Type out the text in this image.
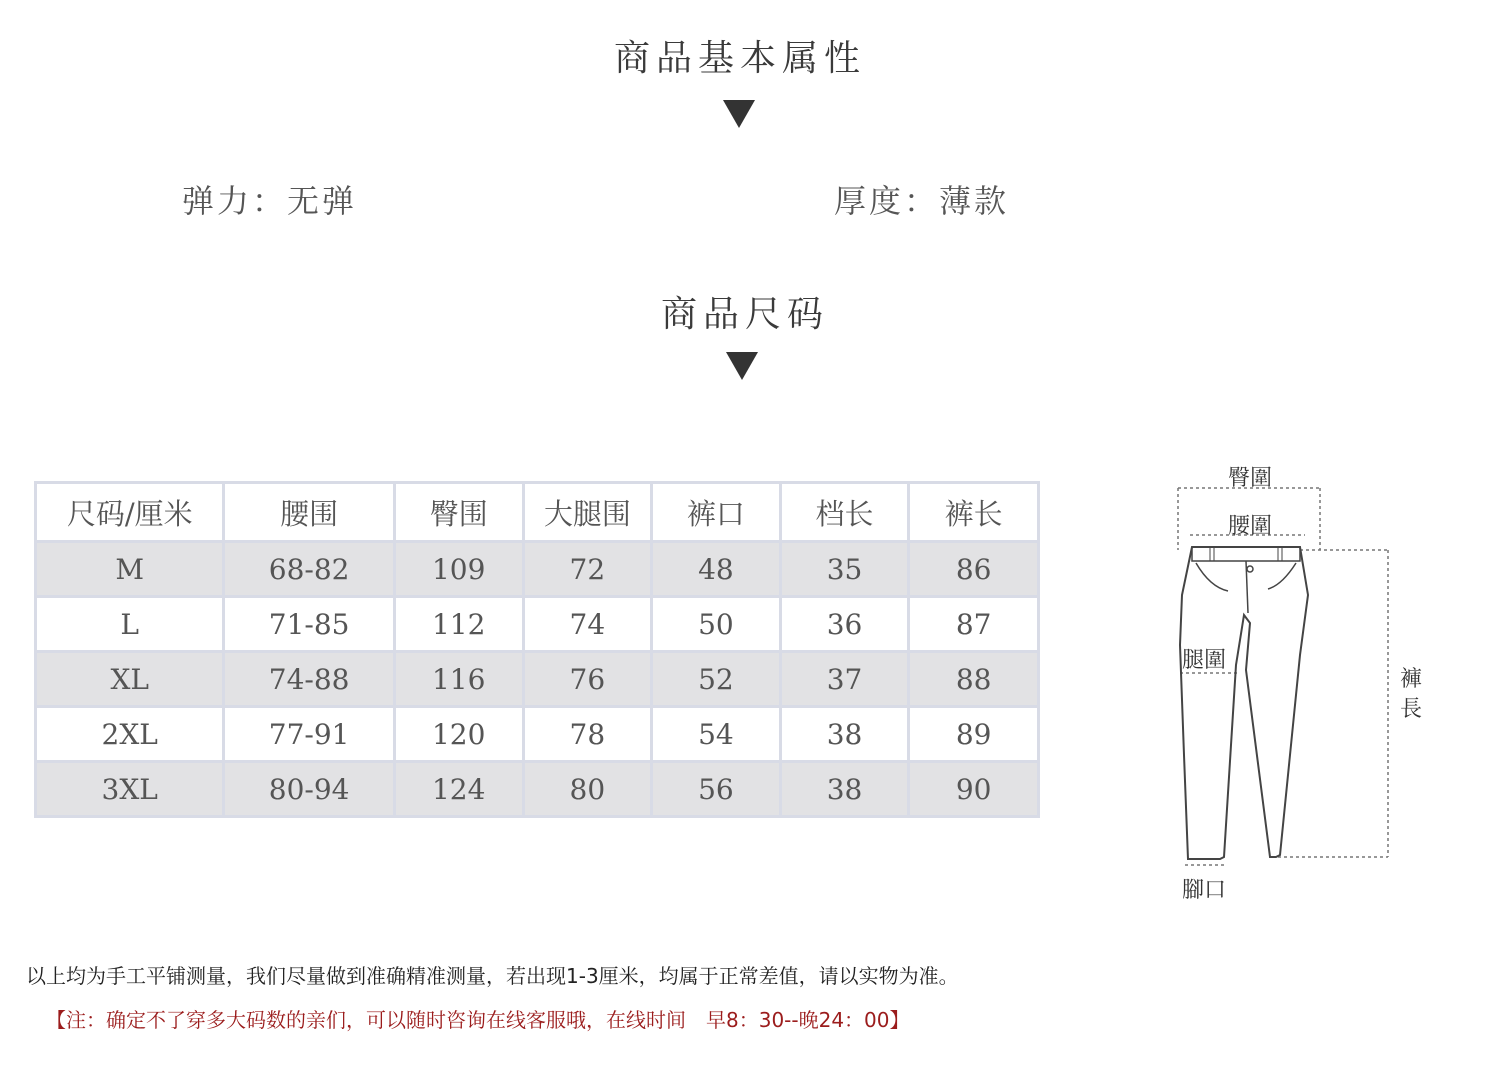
商品基本属性
弹力：无弹	厚度：薄款
商品尺码
尺码/厘米	腰围	臀围	大腿围	裤口	档长	裤长
M	68-82	109	72	48	35	86
L	71-85	112	74	50	36	87
XL	74-88	116	76	52	37	88
2XL	77-91	120	78	54	38	89
3XL	80-94	124	80	56	38	90
臀圍
腰圍
腿圍
褲長
腳口
以上均为手工平铺测量，我们尽量做到准确精准测量，若出现1-3厘米，均属于正常差值，请以实物为准。
【注：确定不了穿多大码数的亲们，可以随时咨询在线客服哦，在线时间　早8：30--晚24：00】
